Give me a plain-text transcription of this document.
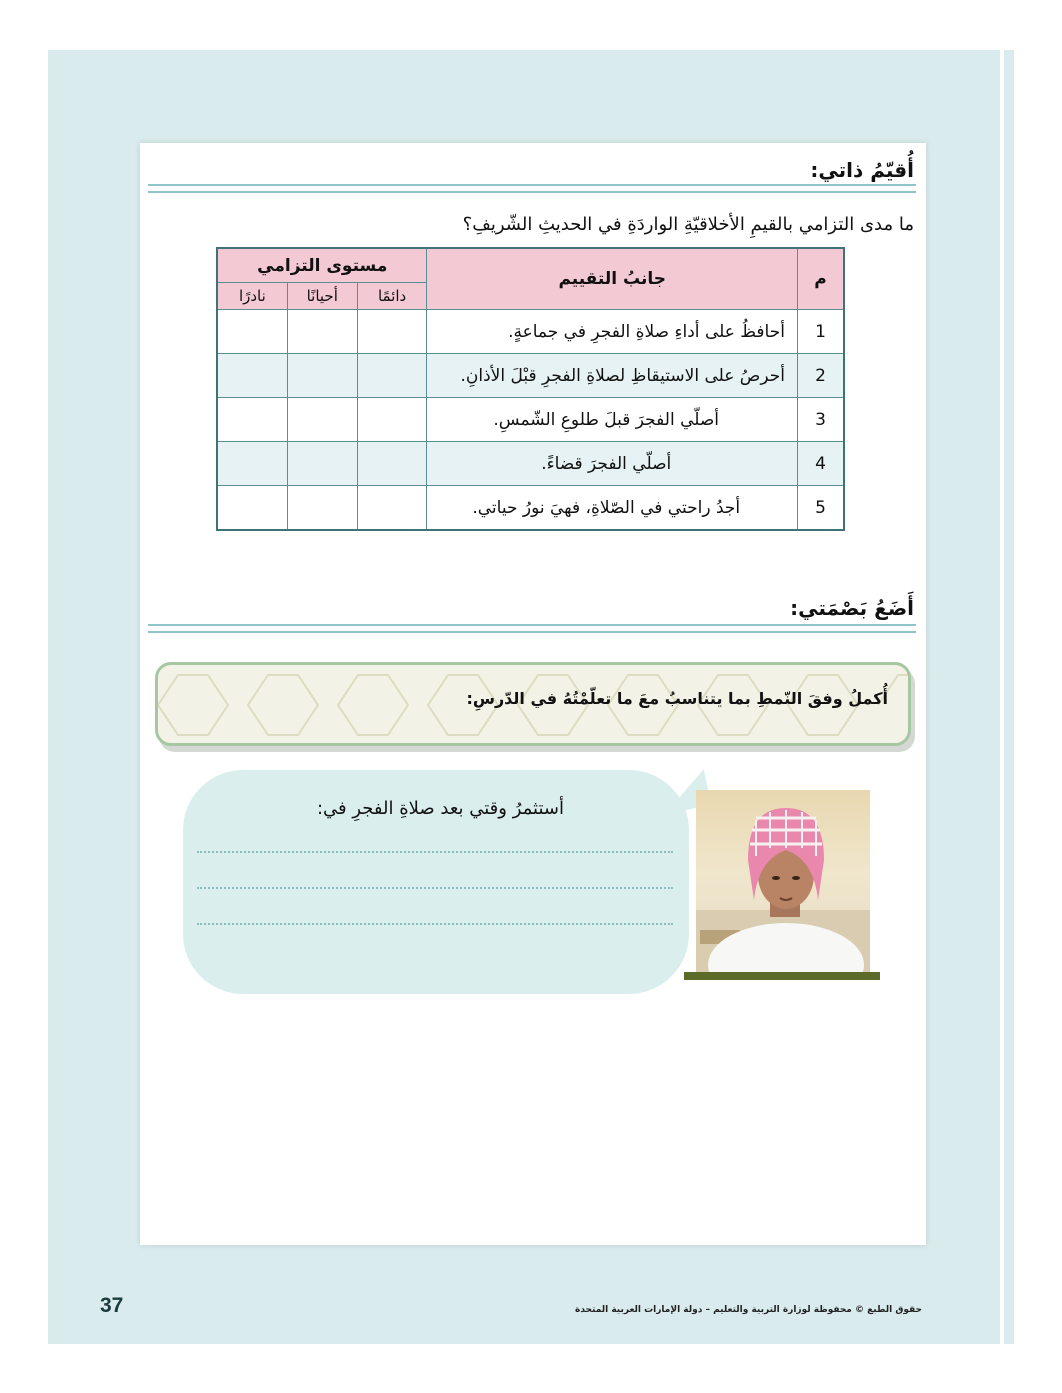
أُقيّمُ ذاتي:
ما مدى التزامي بالقيمِ الأخلاقيّةِ الواردَةِ في الحديثِ الشّريفِ؟
م	جانبُ التقييم	مستوى التزامي		
		دائمًا	أحيانًا	نادرًا
1	أحافظُ على أداءِ صلاةِ الفجرِ في جماعةٍ.			
2	أحرصُ على الاستيقاظِ لصلاةِ الفجرِ قبْلَ الأذانِ.			
3	أصلّي الفجرَ قبلَ طلوعِ الشّمسِ.			
4	أصلّي الفجرَ قضاءً.			
5	أجدُ راحتي في الصّلاةِ، فهيَ نورُ حياتي.			
أَضَعُ بَصْمَتي:
أُكملُ وفقَ النّمطِ بما يتناسبُ معَ ما تعلّمْتُهُ في الدّرسِ:
أستثمرُ وقتي بعد صلاةِ الفجرِ في:
حقوق الطبع © محفوظة لوزارة التربية والتعليم – دولة الإمارات العربية المتحدة
37
